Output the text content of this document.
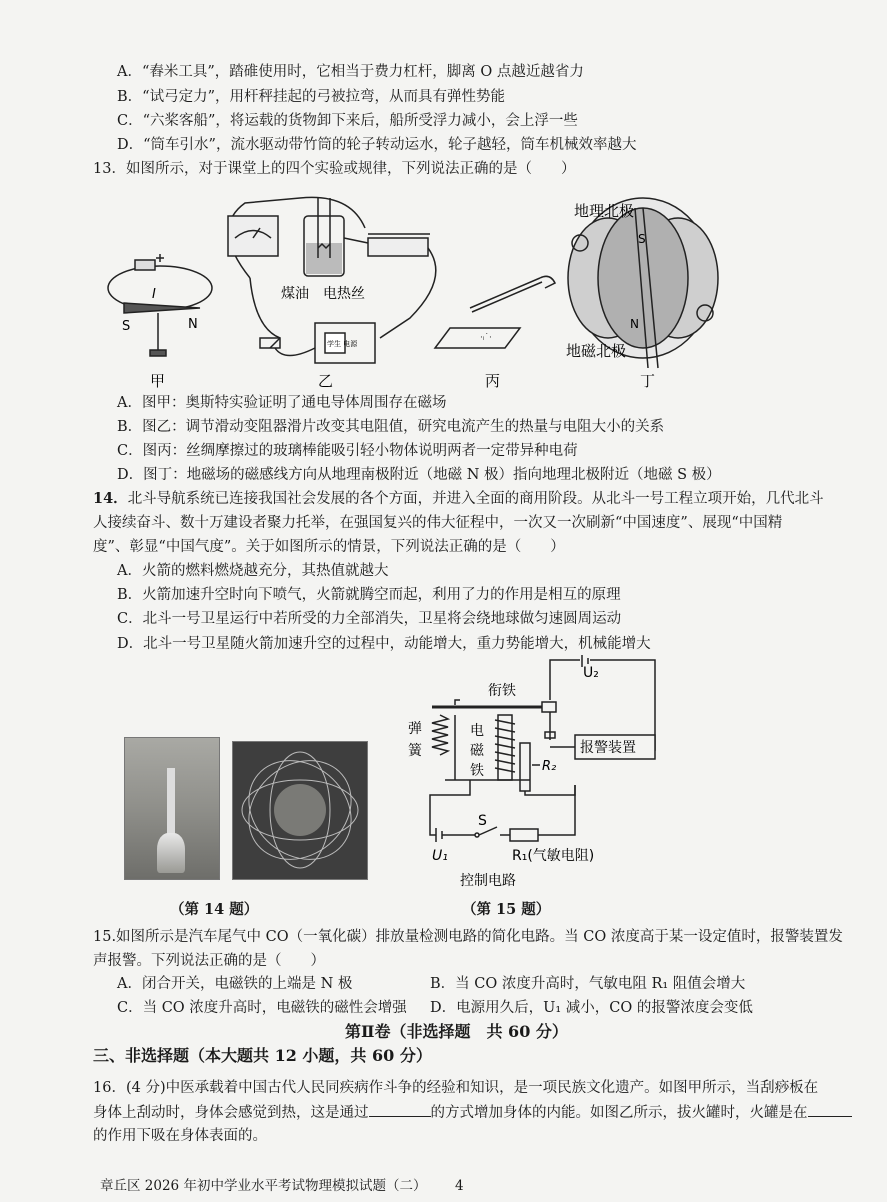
A．“舂米工具”，踏碓使用时，它相当于费力杠杆，脚离 O 点越近越省力
B．“试弓定力”，用杆秤挂起的弓被拉弯，从而具有弹性势能
C．“六桨客船”，将运载的货物卸下来后，船所受浮力减小，会上浮一些
D．“筒车引水”，流水驱动带竹筒的轮子转动运水，轮子越轻，筒车机械效率越大
13．如图所示，对于课堂上的四个实验或规律，下列说法正确的是（　　）
I
S	N
煤油 电热丝
学生 电源
·ᵢ˙·
地理北极
S
N
地磁北极
甲	乙	丙	丁
A．图甲：奥斯特实验证明了通电导体周围存在磁场
B．图乙：调节滑动变阻器滑片改变其电阻值，研究电流产生的热量与电阻大小的关系
C．图丙：丝绸摩擦过的玻璃棒能吸引轻小物体说明两者一定带异种电荷
D．图丁：地磁场的磁感线方向从地理南极附近（地磁 N 极）指向地理北极附近（地磁 S 极）
14．北斗导航系统已连接我国社会发展的各个方面，并进入全面的商用阶段。从北斗一号工程立项开始，几代北斗
人接续奋斗、数十万建设者聚力托举，在强国复兴的伟大征程中，一次又一次刷新“中国速度”、展现“中国精
度”、彰显“中国气度”。关于如图所示的情景，下列说法正确的是（　　）
A．火箭的燃料燃烧越充分，其热值就越大
B．火箭加速升空时向下喷气，火箭就腾空而起，利用了力的作用是相互的原理
C．北斗一号卫星运行中若所受的力全部消失，卫星将会绕地球做匀速圆周运动
D．北斗一号卫星随火箭加速升空的过程中，动能增大，重力势能增大，机械能增大
（第 14 题）
U₂
衔铁
弹
簧
电
磁
铁	R₂
报警装置
S
U₁	R₁(气敏电阻)
控制电路
（第 15 题）
15.如图所示是汽车尾气中 CO（一氧化碳）排放量检测电路的简化电路。当 CO 浓度高于某一设定值时，报警装置发
声报警。下列说法正确的是（　　）
A．闭合开关，电磁铁的上端是 N 极	B．当 CO 浓度升高时，气敏电阻 R₁ 阻值会增大
C．当 CO 浓度升高时，电磁铁的磁性会增强 D．电源用久后，U₁ 减小，CO 的报警浓度会变低
第Ⅱ卷（非选择题　共 60 分）
三、非选择题（本大题共 12 小题，共 60 分）
16．(4 分)中医承载着中国古代人民同疾病作斗争的经验和知识，是一项民族文化遗产。如图甲所示，当刮痧板在
身体上刮动时，身体会感觉到热，这是通过	的方式增加身体的内能。如图乙所示，拔火罐时，火罐是在
的作用下吸在身体表面的。
章丘区 2026 年初中学业水平考试物理模拟试题（二） 4
